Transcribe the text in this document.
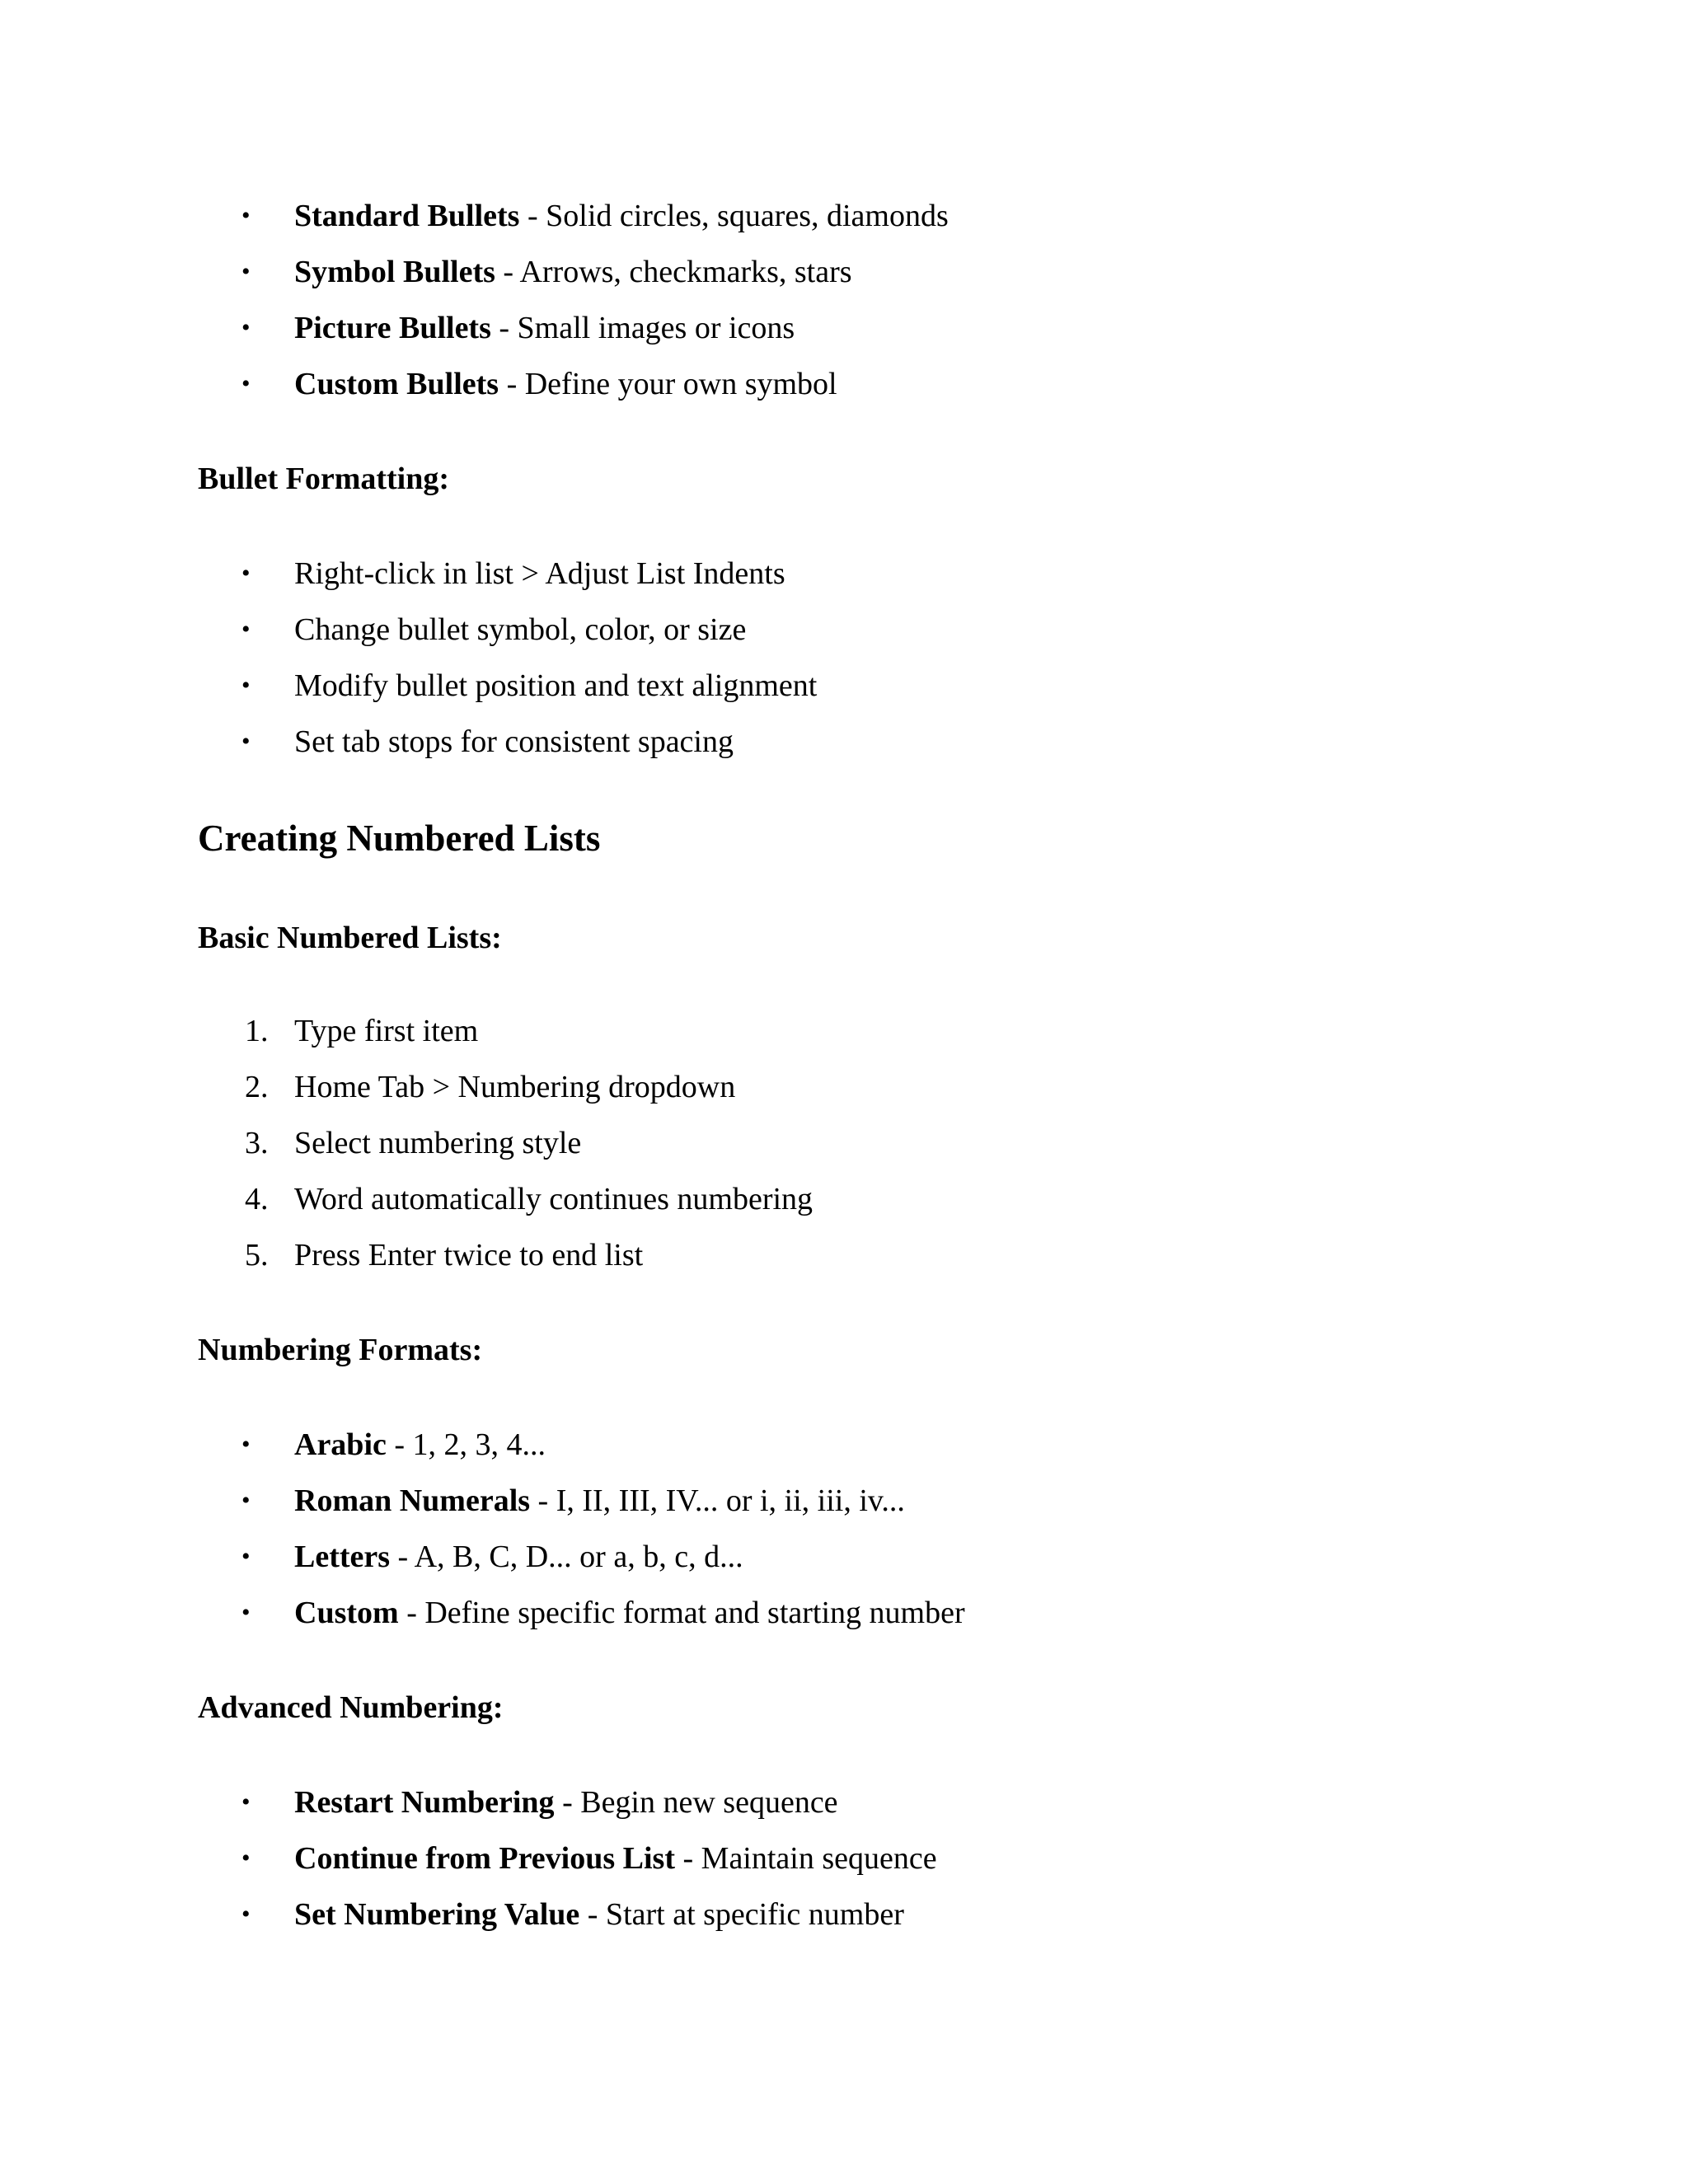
•	Standard Bullets - Solid circles, squares, diamonds
•	Symbol Bullets - Arrows, checkmarks, stars
•	Picture Bullets - Small images or icons
•	Custom Bullets - Define your own symbol
Bullet Formatting:
•	Right-click in list > Adjust List Indents
•	Change bullet symbol, color, or size
•	Modify bullet position and text alignment
•	Set tab stops for consistent spacing
Creating Numbered Lists
Basic Numbered Lists:
1. Type first item
2. Home Tab > Numbering dropdown
3. Select numbering style
4. Word automatically continues numbering
5. Press Enter twice to end list
Numbering Formats:
•	Arabic - 1, 2, 3, 4...
•	Roman Numerals - I, II, III, IV... or i, ii, iii, iv...
•	Letters - A, B, C, D... or a, b, c, d...
•	Custom - Define specific format and starting number
Advanced Numbering:
•	Restart Numbering - Begin new sequence
•	Continue from Previous List - Maintain sequence
•	Set Numbering Value - Start at specific number
